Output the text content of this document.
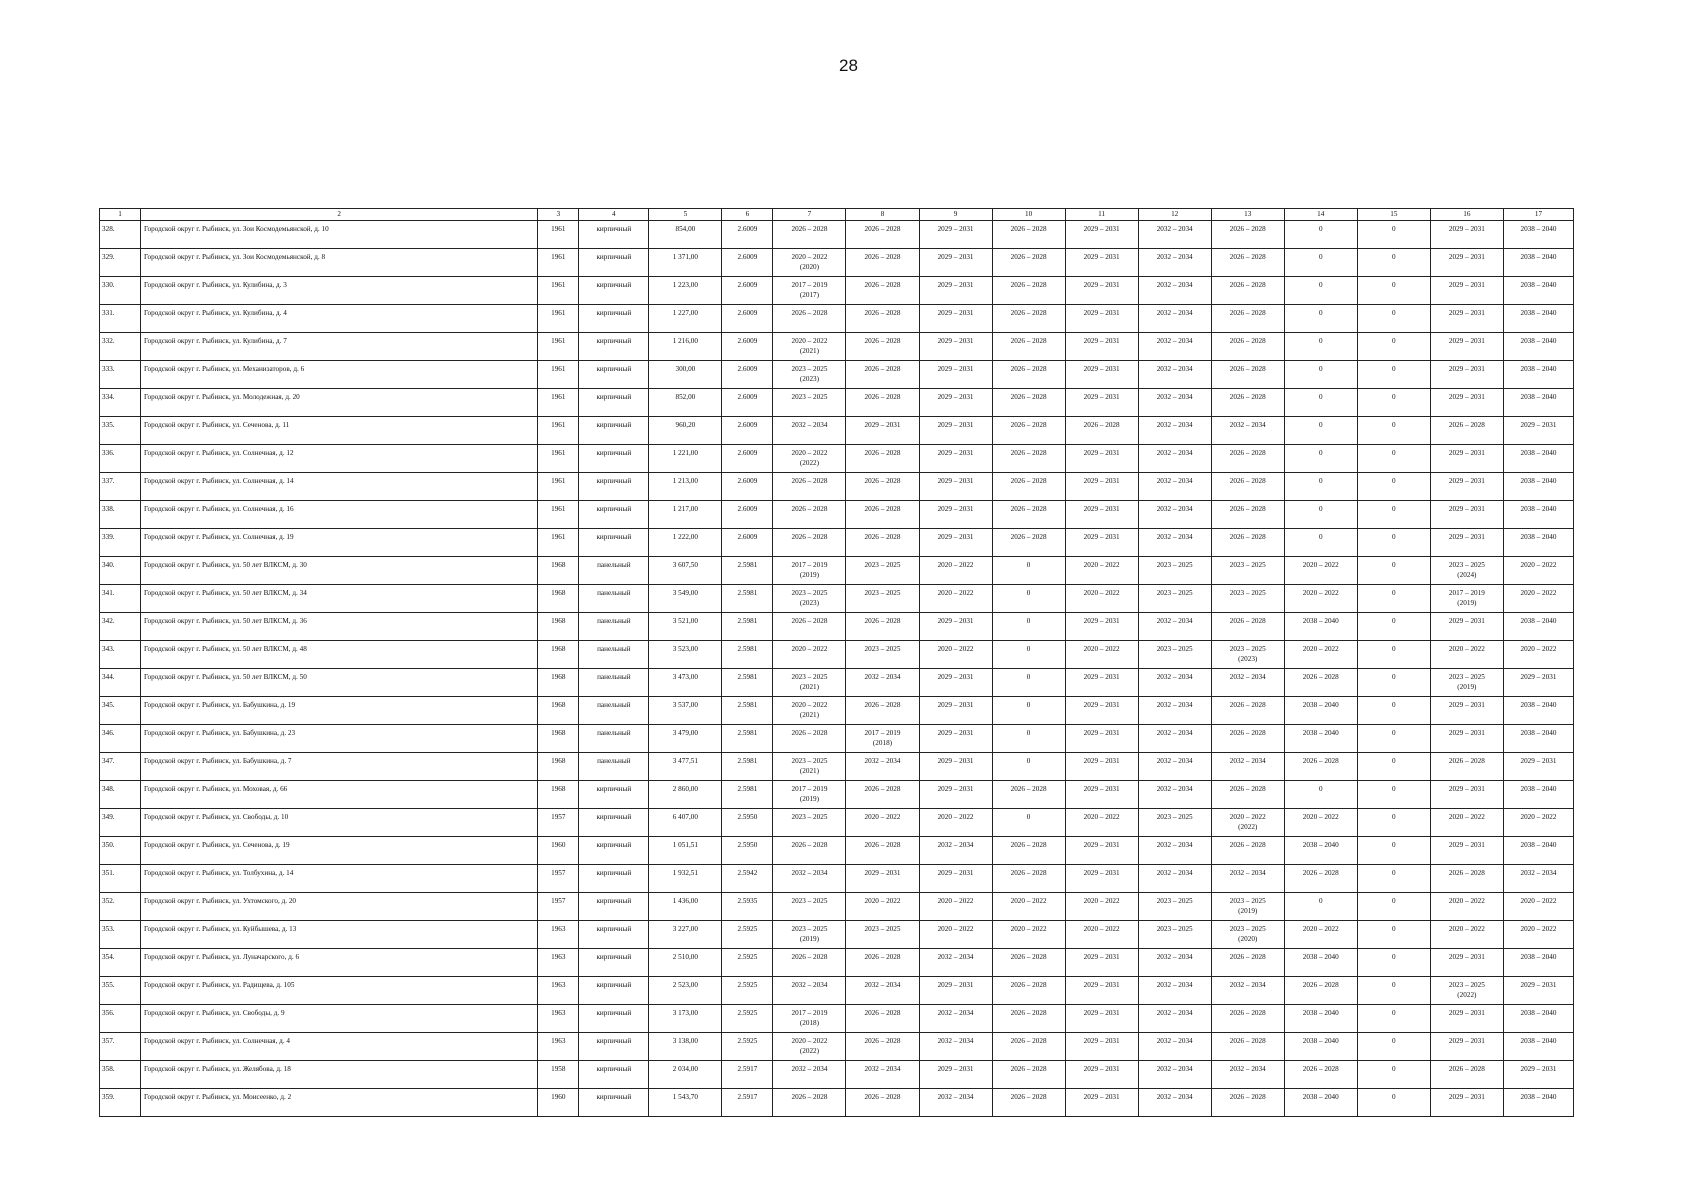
28
1	2	3	4	5	6	7	8	9	10	11	12	13	14	15	16	17

328.	Городской округ г. Рыбинск, ул. Зои Космодемьянской, д. 10	1961	кирпичный	854,00	2.6009	2026 – 2028	2026 – 2028	2029 – 2031	2026 – 2028	2029 – 2031	2032 – 2034	2026 – 2028	0	0	2029 – 2031	2038 – 2040

329.	Городской округ г. Рыбинск, ул. Зои Космодемьянской, д. 8	1961	кирпичный	1 371,00	2.6009	2020 – 2022
(2020)	2026 – 2028	2029 – 2031	2026 – 2028	2029 – 2031	2032 – 2034	2026 – 2028	0	0	2029 – 2031	2038 – 2040

330.	Городской округ г. Рыбинск, ул. Кулибина, д. 3	1961	кирпичный	1 223,00	2.6009	2017 – 2019
(2017)	2026 – 2028	2029 – 2031	2026 – 2028	2029 – 2031	2032 – 2034	2026 – 2028	0	0	2029 – 2031	2038 – 2040

331.	Городской округ г. Рыбинск, ул. Кулибина, д. 4	1961	кирпичный	1 227,00	2.6009	2026 – 2028	2026 – 2028	2029 – 2031	2026 – 2028	2029 – 2031	2032 – 2034	2026 – 2028	0	0	2029 – 2031	2038 – 2040

332.	Городской округ г. Рыбинск, ул. Кулибина, д. 7	1961	кирпичный	1 216,00	2.6009	2020 – 2022
(2021)	2026 – 2028	2029 – 2031	2026 – 2028	2029 – 2031	2032 – 2034	2026 – 2028	0	0	2029 – 2031	2038 – 2040

333.	Городской округ г. Рыбинск, ул. Механизаторов, д. 6	1961	кирпичный	300,00	2.6009	2023 – 2025
(2023)	2026 – 2028	2029 – 2031	2026 – 2028	2029 – 2031	2032 – 2034	2026 – 2028	0	0	2029 – 2031	2038 – 2040

334.	Городской округ г. Рыбинск, ул. Молодежная, д. 20	1961	кирпичный	852,00	2.6009	2023 – 2025	2026 – 2028	2029 – 2031	2026 – 2028	2029 – 2031	2032 – 2034	2026 – 2028	0	0	2029 – 2031	2038 – 2040

335.	Городской округ г. Рыбинск, ул. Сеченова, д. 11	1961	кирпичный	960,20	2.6009	2032 – 2034	2029 – 2031	2029 – 2031	2026 – 2028	2026 – 2028	2032 – 2034	2032 – 2034	0	0	2026 – 2028	2029 – 2031

336.	Городской округ г. Рыбинск, ул. Солнечная, д. 12	1961	кирпичный	1 221,00	2.6009	2020 – 2022
(2022)	2026 – 2028	2029 – 2031	2026 – 2028	2029 – 2031	2032 – 2034	2026 – 2028	0	0	2029 – 2031	2038 – 2040

337.	Городской округ г. Рыбинск, ул. Солнечная, д. 14	1961	кирпичный	1 213,00	2.6009	2026 – 2028	2026 – 2028	2029 – 2031	2026 – 2028	2029 – 2031	2032 – 2034	2026 – 2028	0	0	2029 – 2031	2038 – 2040

338.	Городской округ г. Рыбинск, ул. Солнечная, д. 16	1961	кирпичный	1 217,00	2.6009	2026 – 2028	2026 – 2028	2029 – 2031	2026 – 2028	2029 – 2031	2032 – 2034	2026 – 2028	0	0	2029 – 2031	2038 – 2040

339.	Городской округ г. Рыбинск, ул. Солнечная, д. 19	1961	кирпичный	1 222,00	2.6009	2026 – 2028	2026 – 2028	2029 – 2031	2026 – 2028	2029 – 2031	2032 – 2034	2026 – 2028	0	0	2029 – 2031	2038 – 2040

340.	Городской округ г. Рыбинск, ул. 50 лет ВЛКСМ, д. 30	1968	панельный	3 607,50	2.5981	2017 – 2019
(2019)	2023 – 2025	2020 – 2022	0	2020 – 2022	2023 – 2025	2023 – 2025	2020 – 2022	0	2023 – 2025
(2024)	2020 – 2022

341.	Городской округ г. Рыбинск, ул. 50 лет ВЛКСМ, д. 34	1968	панельный	3 549,00	2.5981	2023 – 2025
(2023)	2023 – 2025	2020 – 2022	0	2020 – 2022	2023 – 2025	2023 – 2025	2020 – 2022	0	2017 – 2019
(2019)	2020 – 2022

342.	Городской округ г. Рыбинск, ул. 50 лет ВЛКСМ, д. 36	1968	панельный	3 521,00	2.5981	2026 – 2028	2026 – 2028	2029 – 2031	0	2029 – 2031	2032 – 2034	2026 – 2028	2038 – 2040	0	2029 – 2031	2038 – 2040

343.	Городской округ г. Рыбинск, ул. 50 лет ВЛКСМ, д. 48	1968	панельный	3 523,00	2.5981	2020 – 2022	2023 – 2025	2020 – 2022	0	2020 – 2022	2023 – 2025	2023 – 2025
(2023)	2020 – 2022	0	2020 – 2022	2020 – 2022

344.	Городской округ г. Рыбинск, ул. 50 лет ВЛКСМ, д. 50	1968	панельный	3 473,00	2.5981	2023 – 2025
(2021)	2032 – 2034	2029 – 2031	0	2029 – 2031	2032 – 2034	2032 – 2034	2026 – 2028	0	2023 – 2025
(2019)	2029 – 2031

345.	Городской округ г. Рыбинск, ул. Бабушкина, д. 19	1968	панельный	3 537,00	2.5981	2020 – 2022
(2021)	2026 – 2028	2029 – 2031	0	2029 – 2031	2032 – 2034	2026 – 2028	2038 – 2040	0	2029 – 2031	2038 – 2040

346.	Городской округ г. Рыбинск, ул. Бабушкина, д. 23	1968	панельный	3 479,00	2.5981	2026 – 2028	2017 – 2019
(2018)	2029 – 2031	0	2029 – 2031	2032 – 2034	2026 – 2028	2038 – 2040	0	2029 – 2031	2038 – 2040

347.	Городской округ г. Рыбинск, ул. Бабушкина, д. 7	1968	панельный	3 477,51	2.5981	2023 – 2025
(2021)	2032 – 2034	2029 – 2031	0	2029 – 2031	2032 – 2034	2032 – 2034	2026 – 2028	0	2026 – 2028	2029 – 2031

348.	Городской округ г. Рыбинск, ул. Моховая, д. 66	1968	кирпичный	2 860,00	2.5981	2017 – 2019
(2019)	2026 – 2028	2029 – 2031	2026 – 2028	2029 – 2031	2032 – 2034	2026 – 2028	0	0	2029 – 2031	2038 – 2040

349.	Городской округ г. Рыбинск, ул. Свободы, д. 10	1957	кирпичный	6 407,00	2.5950	2023 – 2025	2020 – 2022	2020 – 2022	0	2020 – 2022	2023 – 2025	2020 – 2022
(2022)	2020 – 2022	0	2020 – 2022	2020 – 2022

350.	Городской округ г. Рыбинск, ул. Сеченова, д. 19	1960	кирпичный	1 051,51	2.5950	2026 – 2028	2026 – 2028	2032 – 2034	2026 – 2028	2029 – 2031	2032 – 2034	2026 – 2028	2038 – 2040	0	2029 – 2031	2038 – 2040

351.	Городской округ г. Рыбинск, ул. Толбухина, д. 14	1957	кирпичный	1 932,51	2.5942	2032 – 2034	2029 – 2031	2029 – 2031	2026 – 2028	2029 – 2031	2032 – 2034	2032 – 2034	2026 – 2028	0	2026 – 2028	2032 – 2034

352.	Городской округ г. Рыбинск, ул. Ухтомского, д. 20	1957	кирпичный	1 436,00	2.5935	2023 – 2025	2020 – 2022	2020 – 2022	2020 – 2022	2020 – 2022	2023 – 2025	2023 – 2025
(2019)	0	0	2020 – 2022	2020 – 2022

353.	Городской округ г. Рыбинск, ул. Куйбышева, д. 13	1963	кирпичный	3 227,00	2.5925	2023 – 2025
(2019)	2023 – 2025	2020 – 2022	2020 – 2022	2020 – 2022	2023 – 2025	2023 – 2025
(2020)	2020 – 2022	0	2020 – 2022	2020 – 2022

354.	Городской округ г. Рыбинск, ул. Луначарского, д. 6	1963	кирпичный	2 510,00	2.5925	2026 – 2028	2026 – 2028	2032 – 2034	2026 – 2028	2029 – 2031	2032 – 2034	2026 – 2028	2038 – 2040	0	2029 – 2031	2038 – 2040

355.	Городской округ г. Рыбинск, ул. Радищева, д. 105	1963	кирпичный	2 523,00	2.5925	2032 – 2034	2032 – 2034	2029 – 2031	2026 – 2028	2029 – 2031	2032 – 2034	2032 – 2034	2026 – 2028	0	2023 – 2025
(2022)	2029 – 2031

356.	Городской округ г. Рыбинск, ул. Свободы, д. 9	1963	кирпичный	3 173,00	2.5925	2017 – 2019
(2018)	2026 – 2028	2032 – 2034	2026 – 2028	2029 – 2031	2032 – 2034	2026 – 2028	2038 – 2040	0	2029 – 2031	2038 – 2040

357.	Городской округ г. Рыбинск, ул. Солнечная, д. 4	1963	кирпичный	3 138,00	2.5925	2020 – 2022
(2022)	2026 – 2028	2032 – 2034	2026 – 2028	2029 – 2031	2032 – 2034	2026 – 2028	2038 – 2040	0	2029 – 2031	2038 – 2040

358.	Городской округ г. Рыбинск, ул. Желябова, д. 18	1958	кирпичный	2 034,00	2.5917	2032 – 2034	2032 – 2034	2029 – 2031	2026 – 2028	2029 – 2031	2032 – 2034	2032 – 2034	2026 – 2028	0	2026 – 2028	2029 – 2031

359.	Городской округ г. Рыбинск, ул. Моисеенко, д. 2	1960	кирпичный	1 543,70	2.5917	2026 – 2028	2026 – 2028	2032 – 2034	2026 – 2028	2029 – 2031	2032 – 2034	2026 – 2028	2038 – 2040	0	2029 – 2031	2038 – 2040
